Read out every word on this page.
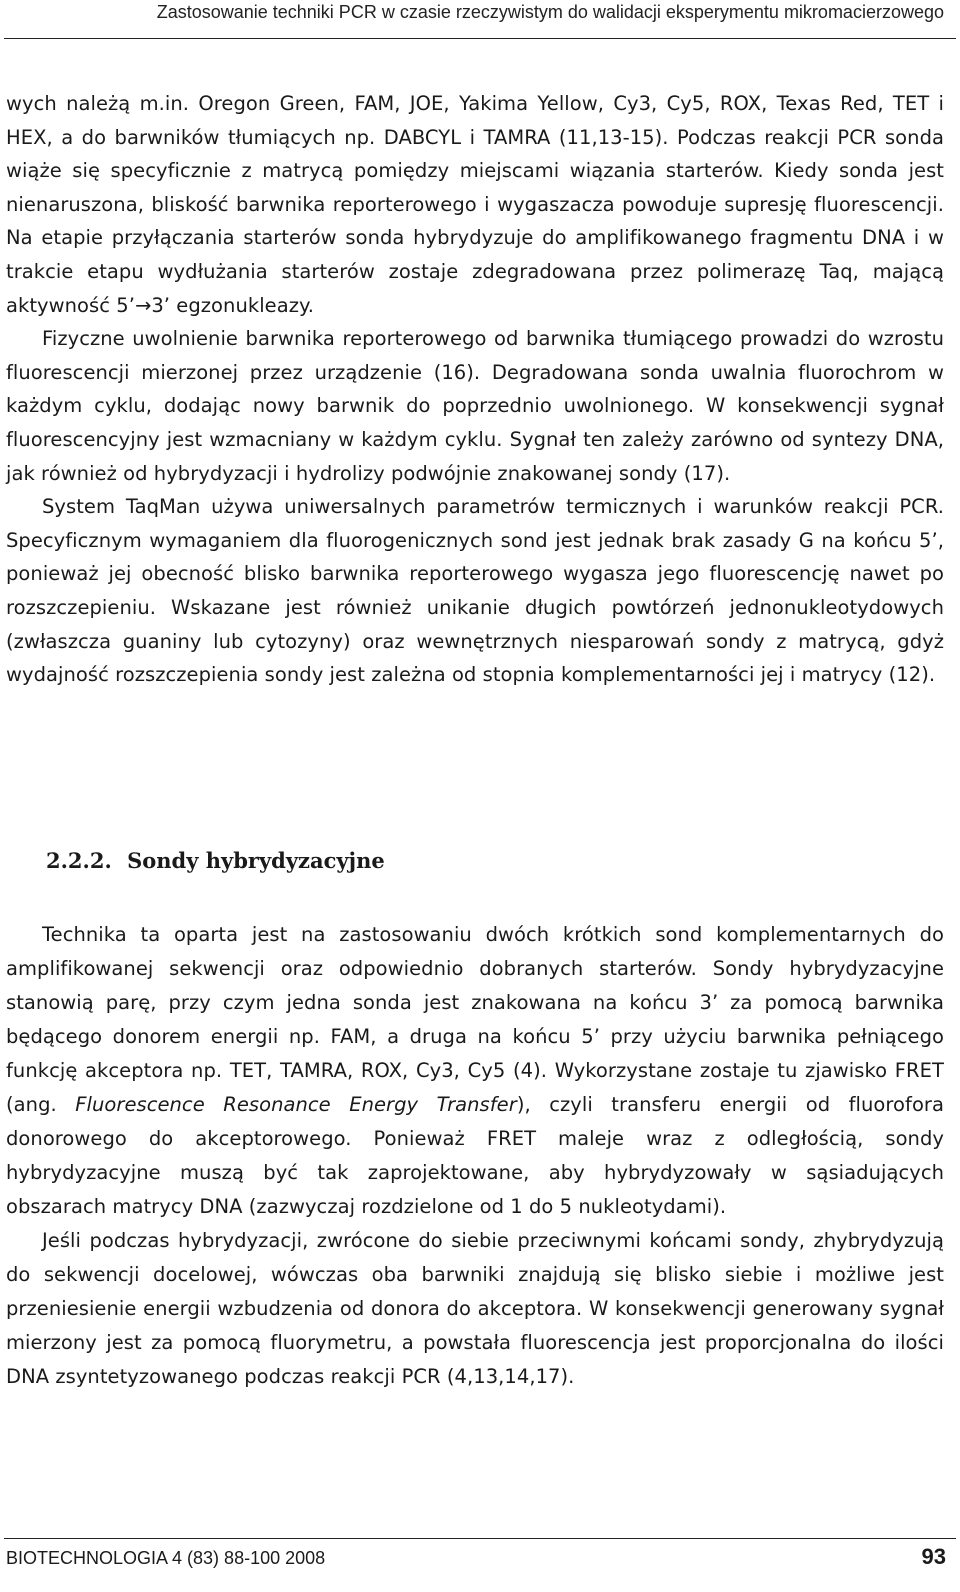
Zastosowanie techniki PCR w czasie rzeczywistym do walidacji eksperymentu mikromacierzowego

wych należą m.in. Oregon Green, FAM, JOE, Yakima Yellow, Cy3, Cy5, ROX, Texas Red, TET i HEX, a do barwników tłumiących np. DABCYL i TAMRA (11,13-15). Podczas reakcji PCR sonda wiąże się specyficznie z matrycą pomiędzy miejscami wiązania starterów. Kiedy sonda jest nienaruszona, bliskość barwnika reporterowego i wygaszacza powoduje supresję fluorescencji. Na etapie przyłączania starterów sonda hybrydyzuje do amplifikowanego fragmentu DNA i w trakcie etapu wydłużania starterów zostaje zdegradowana przez polimerazę Taq, mającą aktywność 5’→3’ egzonukleazy.

Fizyczne uwolnienie barwnika reporterowego od barwnika tłumiącego prowadzi do wzrostu fluorescencji mierzonej przez urządzenie (16). Degradowana sonda uwalnia fluorochrom w każdym cyklu, dodając nowy barwnik do poprzednio uwolnionego. W konsekwencji sygnał fluorescencyjny jest wzmacniany w każdym cyklu. Sygnał ten zależy zarówno od syntezy DNA, jak również od hybrydyzacji i hydrolizy podwójnie znakowanej sondy (17).

System TaqMan używa uniwersalnych parametrów termicznych i warunków reakcji PCR. Specyficznym wymaganiem dla fluorogenicznych sond jest jednak brak zasady G na końcu 5’, ponieważ jej obecność blisko barwnika reporterowego wygasza jego fluorescencję nawet po rozszczepieniu. Wskazane jest również unikanie długich powtórzeń jednonukleotydowych (zwłaszcza guaniny lub cytozyny) oraz wewnętrznych niesparowań sondy z matrycą, gdyż wydajność rozszczepienia sondy jest zależna od stopnia komplementarności jej i matrycy (12).

2.2.2. Sondy hybrydyzacyjne

Technika ta oparta jest na zastosowaniu dwóch krótkich sond komplementarnych do amplifikowanej sekwencji oraz odpowiednio dobranych starterów. Sondy hybrydyzacyjne stanowią parę, przy czym jedna sonda jest znakowana na końcu 3’ za pomocą barwnika będącego donorem energii np. FAM, a druga na końcu 5’ przy użyciu barwnika pełniącego funkcję akceptora np. TET, TAMRA, ROX, Cy3, Cy5 (4). Wykorzystane zostaje tu zjawisko FRET (ang. Fluorescence Resonance Energy Transfer), czyli transferu energii od fluorofora donorowego do akceptorowego. Ponieważ FRET maleje wraz z odległością, sondy hybrydyzacyjne muszą być tak zaprojektowane, aby hybrydyzowały w sąsiadujących obszarach matrycy DNA (zazwyczaj rozdzielone od 1 do 5 nukleotydami).

Jeśli podczas hybrydyzacji, zwrócone do siebie przeciwnymi końcami sondy, zhybrydyzują do sekwencji docelowej, wówczas oba barwniki znajdują się blisko siebie i możliwe jest przeniesienie energii wzbudzenia od donora do akceptora. W konsekwencji generowany sygnał mierzony jest za pomocą fluorymetru, a powstała fluorescencja jest proporcjonalna do ilości DNA zsyntetyzowanego podczas reakcji PCR (4,13,14,17).

BIOTECHNOLOGIA 4 (83) 88-100 2008	93
